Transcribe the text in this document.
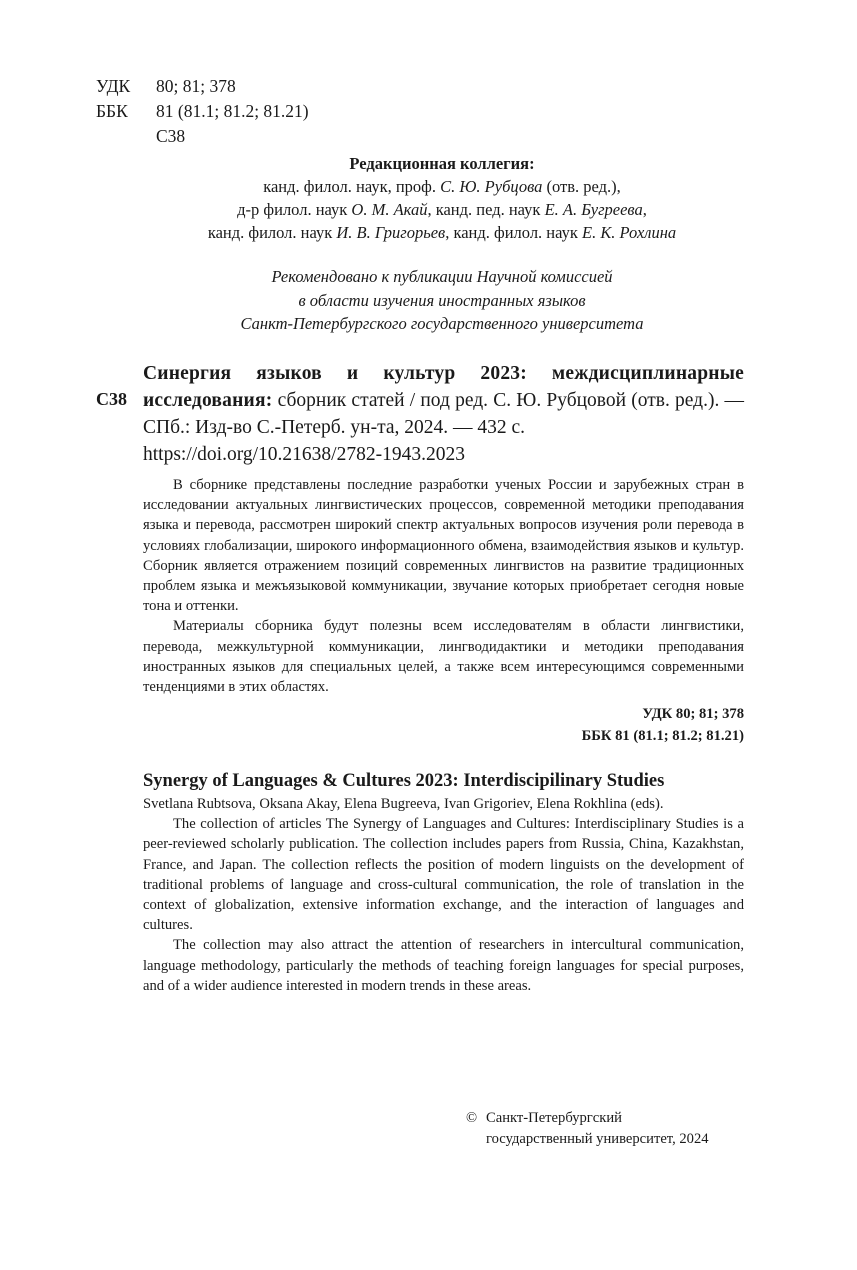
УДК	80; 81; 378
ББК	81 (81.1; 81.2; 81.21)
С38
Редакционная коллегия:
канд. филол. наук, проф. С. Ю. Рубцова (отв. ред.),
д-р филол. наук О. М. Акай, канд. пед. наук Е. А. Бугреева,
канд. филол. наук И. В. Григорьев, канд. филол. наук Е. К. Рохлина
Рекомендовано к публикации Научной комиссией
в области изучения иностранных языков
Санкт-Петербургского государственного университета
С38

Синергия языков и культур 2023: междисциплинарные исследования: сборник статей / под ред. С. Ю. Рубцовой (отв. ред.). — СПб.: Изд-во С.-Петерб. ун-та, 2024. — 432 с.

https://doi.org/10.21638/2782-1943.2023

В сборнике представлены последние разработки ученых России и зарубежных стран в исследовании актуальных лингвистических процессов, современной методики преподавания языка и перевода, рассмотрен широкий спектр актуальных вопросов изучения роли перевода в условиях глобализации, широкого информационного обмена, взаимодействия языков и культур. Сборник является отражением позиций современных лингвистов на развитие традиционных проблем языка и межъязыковой коммуникации, звучание которых приобретает сегодня новые тона и оттенки.

Материалы сборника будут полезны всем исследователям в области лингвистики, перевода, межкультурной коммуникации, лингводидактики и методики преподавания иностранных языков для специальных целей, а также всем интересующимся современными тенденциями в этих областях.

УДК 80; 81; 378
ББК 81 (81.1; 81.2; 81.21)
Synergy of Languages & Cultures 2023: Interdiscipilinary Studies

Svetlana Rubtsova, Oksana Akay, Elena Bugreeva, Ivan Grigoriev, Elena Rokhlina (eds).

The collection of articles The Synergy of Languages and Cultures: Interdisciplinary Studies is a peer-reviewed scholarly publication. The collection includes papers from Russia, China, Kazakhstan, France, and Japan. The collection reflects the position of modern linguists on the development of traditional problems of language and cross-cultural communication, the role of translation in the context of globalization, extensive information exchange, and the interaction of languages and cultures.

The collection may also attract the attention of researchers in intercultural communication, language methodology, particularly the methods of teaching foreign languages for special purposes, and of a wider audience interested in modern trends in these areas.

© Санкт-Петербургский
государственный университет, 2024
